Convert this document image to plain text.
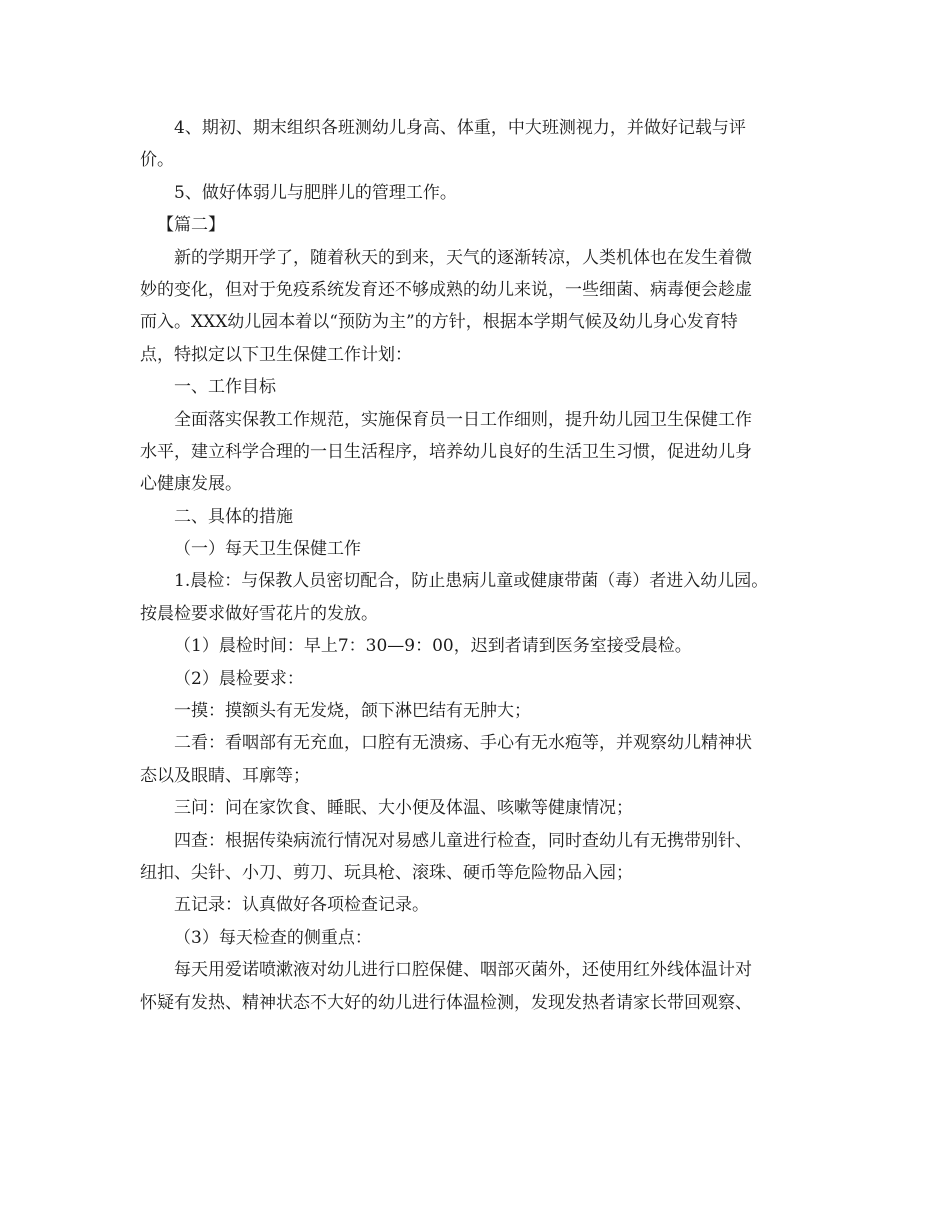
4、期初、期末组织各班测幼儿身高、体重，中大班测视力，并做好记载与评
价。
5、做好体弱儿与肥胖儿的管理工作。
【篇二】
新的学期开学了，随着秋天的到来，天气的逐渐转凉，人类机体也在发生着微
妙的变化，但对于免疫系统发育还不够成熟的幼儿来说，一些细菌、病毒便会趁虚
而入。XXX幼儿园本着以“预防为主”的方针，根据本学期气候及幼儿身心发育特
点，特拟定以下卫生保健工作计划：
一、工作目标
全面落实保教工作规范，实施保育员一日工作细则，提升幼儿园卫生保健工作
水平，建立科学合理的一日生活程序，培养幼儿良好的生活卫生习惯，促进幼儿身
心健康发展。
二、具体的措施
（一）每天卫生保健工作
1.晨检：与保教人员密切配合，防止患病儿童或健康带菌（毒）者进入幼儿园。
按晨检要求做好雪花片的发放。
（1）晨检时间：早上7：30—9：00，迟到者请到医务室接受晨检。
（2）晨检要求：
一摸：摸额头有无发烧，颌下淋巴结有无肿大；
二看：看咽部有无充血，口腔有无溃疡、手心有无水疱等，并观察幼儿精神状
态以及眼睛、耳廓等；
三问：问在家饮食、睡眠、大小便及体温、咳嗽等健康情况；
四查：根据传染病流行情况对易感儿童进行检查，同时查幼儿有无携带别针、
纽扣、尖针、小刀、剪刀、玩具枪、滚珠、硬币等危险物品入园；
五记录：认真做好各项检查记录。
（3）每天检查的侧重点：
每天用爱诺喷漱液对幼儿进行口腔保健、咽部灭菌外，还使用红外线体温计对
怀疑有发热、精神状态不大好的幼儿进行体温检测，发现发热者请家长带回观察、
